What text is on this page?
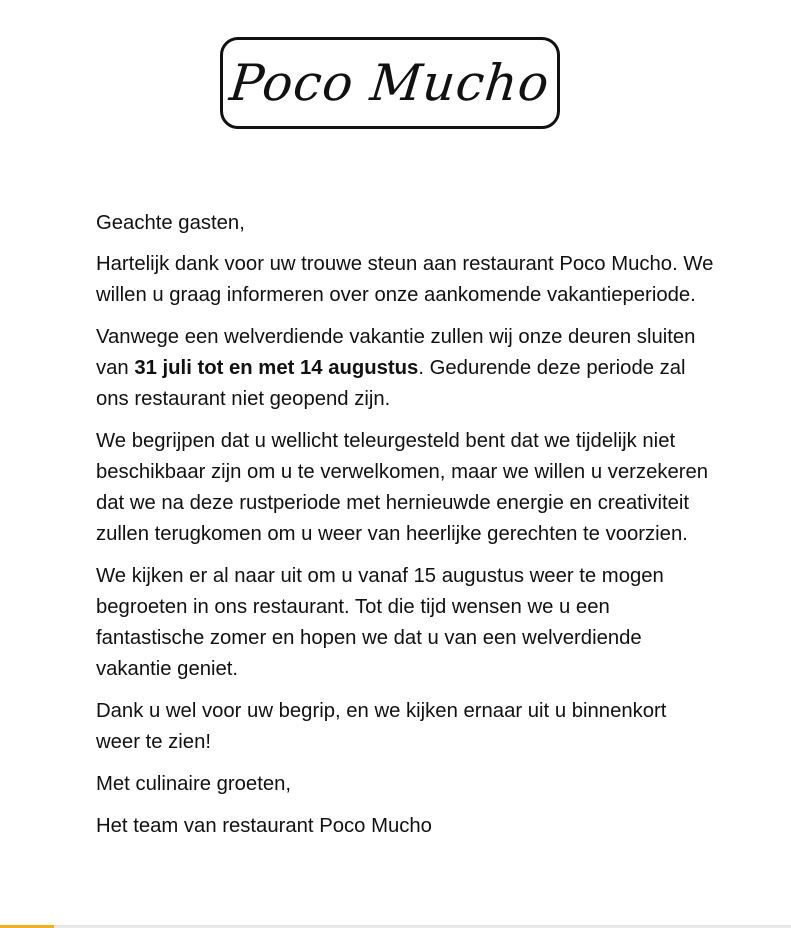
Poco Mucho

Geachte gasten,

Hartelijk dank voor uw trouwe steun aan restaurant Poco Mucho. We willen u graag informeren over onze aankomende vakantieperiode.

Vanwege een welverdiende vakantie zullen wij onze deuren sluiten van 31 juli tot en met 14 augustus. Gedurende deze periode zal ons restaurant niet geopend zijn.

We begrijpen dat u wellicht teleurgesteld bent dat we tijdelijk niet beschikbaar zijn om u te verwelkomen, maar we willen u verzekeren dat we na deze rustperiode met hernieuwde energie en creativiteit zullen terugkomen om u weer van heerlijke gerechten te voorzien.

We kijken er al naar uit om u vanaf 15 augustus weer te mogen begroeten in ons restaurant. Tot die tijd wensen we u een fantastische zomer en hopen we dat u van een welverdiende vakantie geniet.

Dank u wel voor uw begrip, en we kijken ernaar uit u binnenkort weer te zien!

Met culinaire groeten,

Het team van restaurant Poco Mucho
